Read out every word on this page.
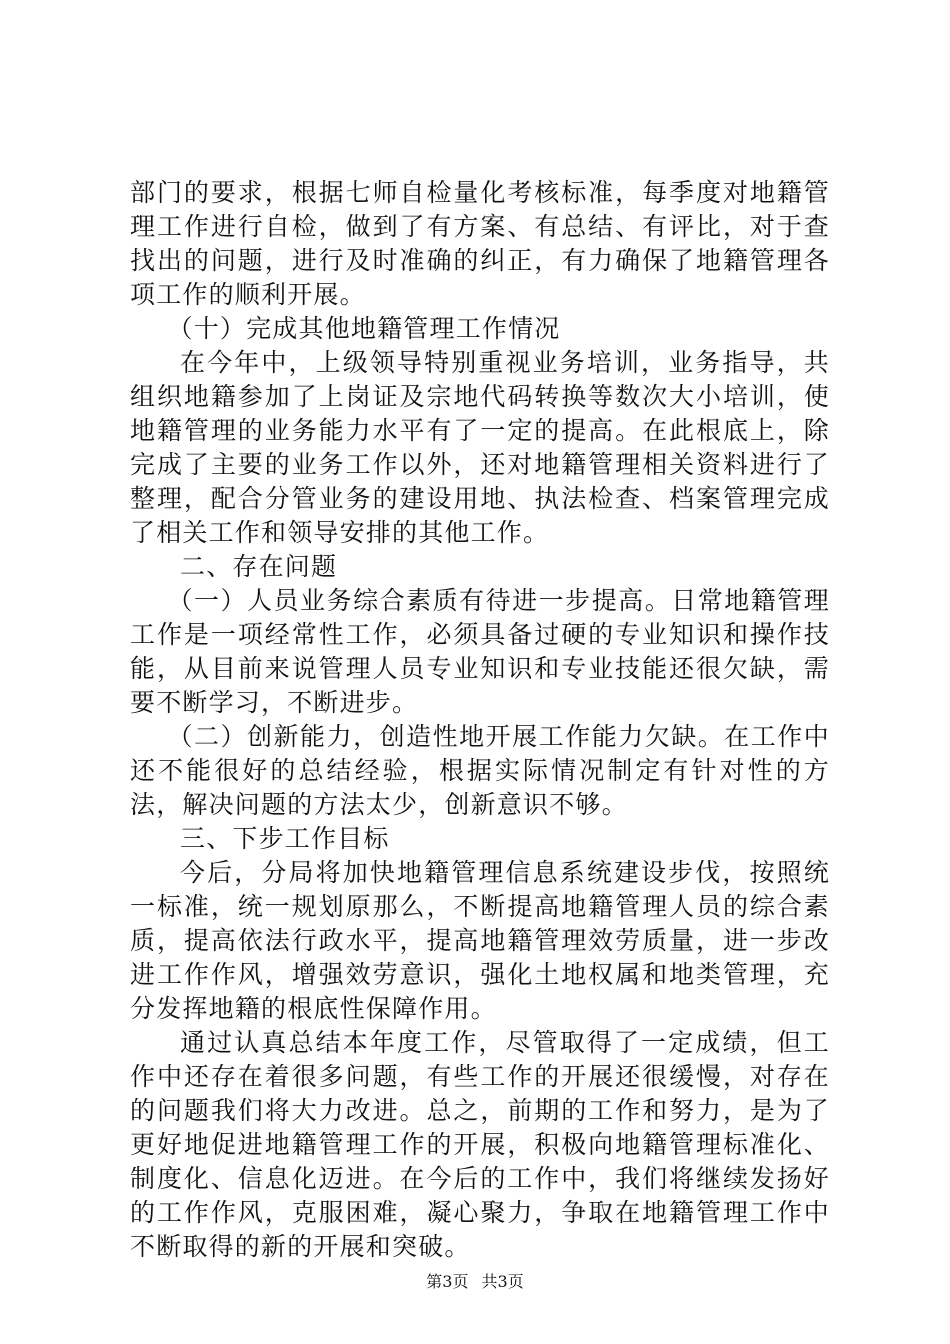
部门的要求，根据七师自检量化考核标准，每季度对地籍管理工作进行自检，做到了有方案、有总结、有评比，对于查找出的问题，进行及时准确的纠正，有力确保了地籍管理各项工作的顺利开展。

（十）完成其他地籍管理工作情况

在今年中，上级领导特别重视业务培训，业务指导，共组织地籍参加了上岗证及宗地代码转换等数次大小培训，使地籍管理的业务能力水平有了一定的提高。在此根底上，除完成了主要的业务工作以外，还对地籍管理相关资料进行了整理，配合分管业务的建设用地、执法检查、档案管理完成了相关工作和领导安排的其他工作。

二、存在问题

（一）人员业务综合素质有待进一步提高。日常地籍管理工作是一项经常性工作，必须具备过硬的专业知识和操作技能，从目前来说管理人员专业知识和专业技能还很欠缺，需要不断学习，不断进步。

（二）创新能力，创造性地开展工作能力欠缺。在工作中还不能很好的总结经验，根据实际情况制定有针对性的方法，解决问题的方法太少，创新意识不够。

三、下步工作目标

今后，分局将加快地籍管理信息系统建设步伐，按照统一标准，统一规划原那么，不断提高地籍管理人员的综合素质，提高依法行政水平，提高地籍管理效劳质量，进一步改进工作作风，增强效劳意识，强化土地权属和地类管理，充分发挥地籍的根底性保障作用。

通过认真总结本年度工作，尽管取得了一定成绩，但工作中还存在着很多问题，有些工作的开展还很缓慢，对存在的问题我们将大力改进。总之，前期的工作和努力，是为了更好地促进地籍管理工作的开展，积极向地籍管理标准化、制度化、信息化迈进。在今后的工作中，我们将继续发扬好的工作作风，克服困难，凝心聚力，争取在地籍管理工作中不断取得的新的开展和突破。

第3页 共3页
